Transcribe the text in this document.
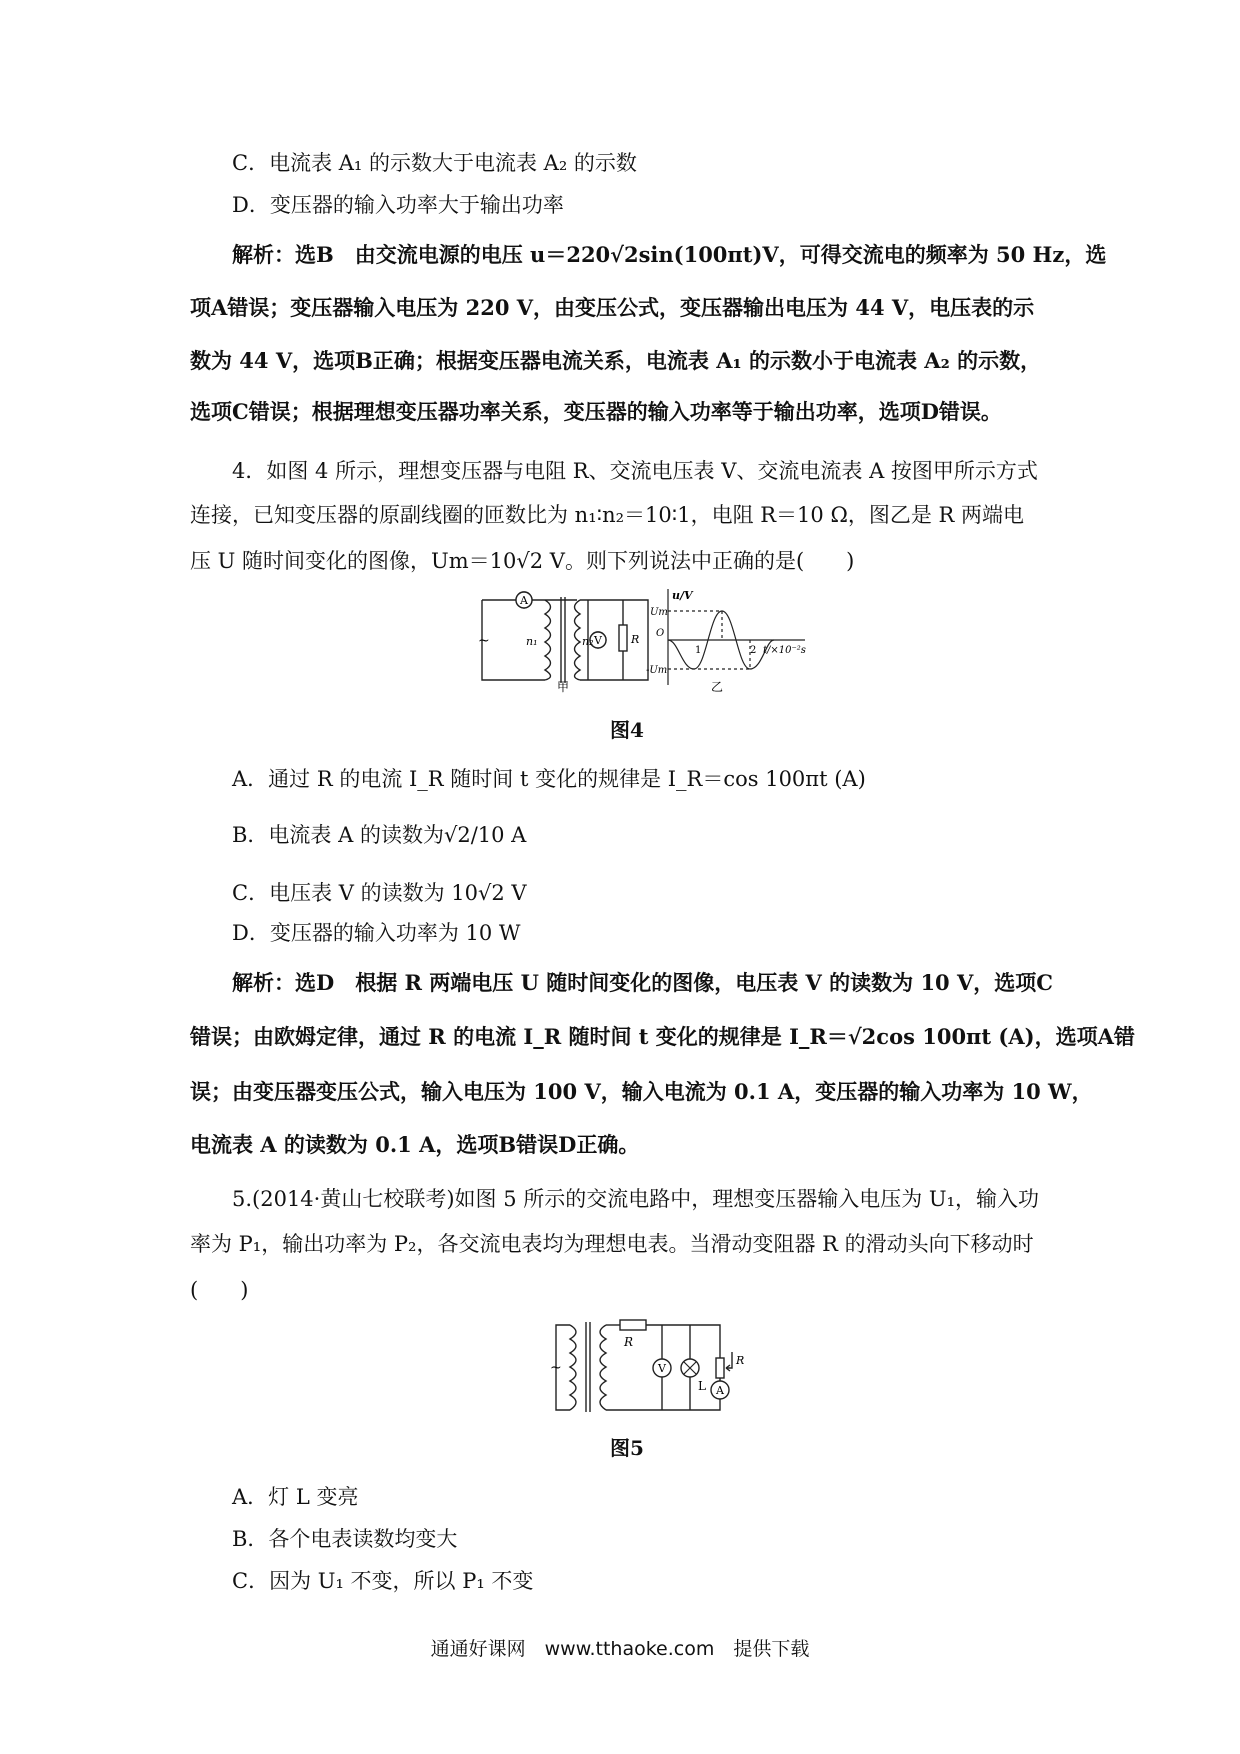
C．电流表 A₁ 的示数大于电流表 A₂ 的示数
D．变压器的输入功率大于输出功率
解析：选B　由交流电源的电压 u＝220√2sin(100πt)V，可得交流电的频率为 50 Hz，选
项A错误；变压器输入电压为 220 V，由变压公式，变压器输出电压为 44 V，电压表的示
数为 44 V，选项B正确；根据变压器电流关系，电流表 A₁ 的示数小于电流表 A₂ 的示数，
选项C错误；根据理想变压器功率关系，变压器的输入功率等于输出功率，选项D错误。
4．如图 4 所示，理想变压器与电阻 R、交流电压表 V、交流电流表 A 按图甲所示方式
连接，已知变压器的原副线圈的匝数比为 n₁∶n₂＝10∶1，电阻 R＝10 Ω，图乙是 R 两端电
压 U 随时间变化的图像，Um＝10√2 V。则下列说法中正确的是(　　)
A
V
~	n₁	n₂	R
甲
u/V
Um
O
-Um
1	2 t/×10⁻²s
乙
图4
A．通过 R 的电流 I_R 随时间 t 变化的规律是 I_R＝cos 100πt (A)
B．电流表 A 的读数为√2/10 A
C．电压表 V 的读数为 10√2 V
D．变压器的输入功率为 10 W
解析：选D　根据 R 两端电压 U 随时间变化的图像，电压表 V 的读数为 10 V，选项C
错误；由欧姆定律，通过 R 的电流 I_R 随时间 t 变化的规律是 I_R＝√2cos 100πt (A)，选项A错
误；由变压器变压公式，输入电压为 100 V，输入电流为 0.1 A，变压器的输入功率为 10 W，
电流表 A 的读数为 0.1 A，选项B错误D正确。
5.(2014·黄山七校联考)如图 5 所示的交流电路中，理想变压器输入电压为 U₁，输入功
率为 P₁，输出功率为 P₂，各交流电表均为理想电表。当滑动变阻器 R 的滑动头向下移动时
(　　)
~
R
V
L
R
A
图5
A．灯 L 变亮
B．各个电表读数均变大
C．因为 U₁ 不变，所以 P₁ 不变
通通好课网　www.tthaoke.com　提供下载
